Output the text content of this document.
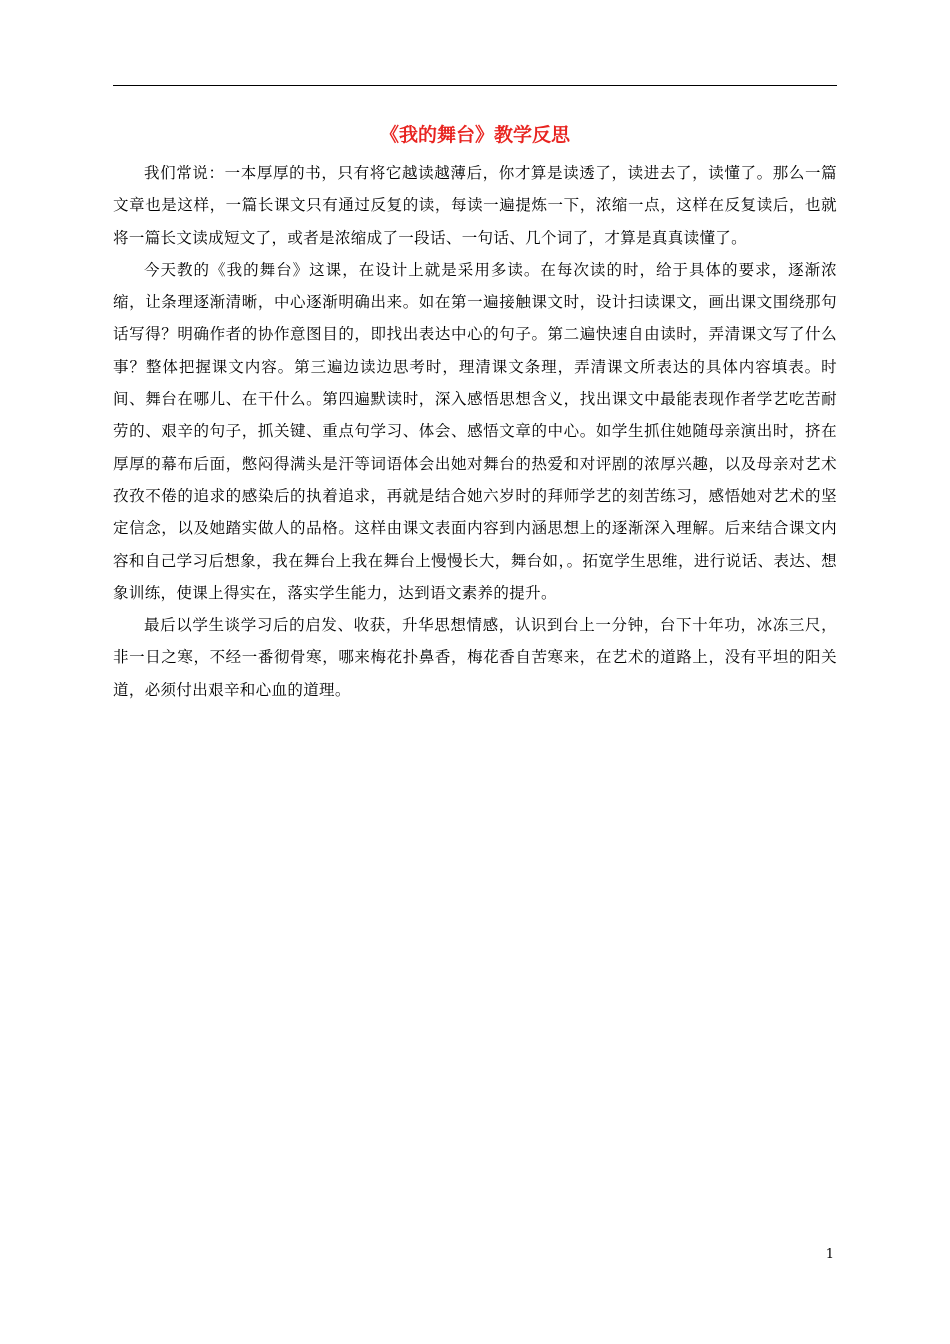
《我的舞台》教学反思

我们常说：一本厚厚的书，只有将它越读越薄后，你才算是读透了，读进去了，读懂了。那么一篇文章也是这样，一篇长课文只有通过反复的读，每读一遍提炼一下，浓缩一点，这样在反复读后，也就将一篇长文读成短文了，或者是浓缩成了一段话、一句话、几个词了，才算是真真读懂了。

今天教的《我的舞台》这课，在设计上就是采用多读。在每次读的时，给于具体的要求，逐渐浓缩，让条理逐渐清晰，中心逐渐明确出来。如在第一遍接触课文时，设计扫读课文，画出课文围绕那句话写得？明确作者的协作意图目的，即找出表达中心的句子。第二遍快速自由读时，弄清课文写了什么事？整体把握课文内容。第三遍边读边思考时，理清课文条理，弄清课文所表达的具体内容填表。时间、舞台在哪儿、在干什么。第四遍默读时，深入感悟思想含义，找出课文中最能表现作者学艺吃苦耐劳的、艰辛的句子，抓关键、重点句学习、体会、感悟文章的中心。如学生抓住她随母亲演出时，挤在厚厚的幕布后面，憋闷得满头是汗等词语体会出她对舞台的热爱和对评剧的浓厚兴趣，以及母亲对艺术孜孜不倦的追求的感染后的执着追求，再就是结合她六岁时的拜师学艺的刻苦练习，感悟她对艺术的坚定信念，以及她踏实做人的品格。这样由课文表面内容到内涵思想上的逐渐深入理解。后来结合课文内容和自己学习后想象，我在舞台上我在舞台上慢慢长大，舞台如，。拓宽学生思维，进行说话、表达、想象训练，使课上得实在，落实学生能力，达到语文素养的提升。

最后以学生谈学习后的启发、收获，升华思想情感，认识到台上一分钟，台下十年功，冰冻三尺，非一日之寒，不经一番彻骨寒，哪来梅花扑鼻香，梅花香自苦寒来，在艺术的道路上，没有平坦的阳关道，必须付出艰辛和心血的道理。

1
